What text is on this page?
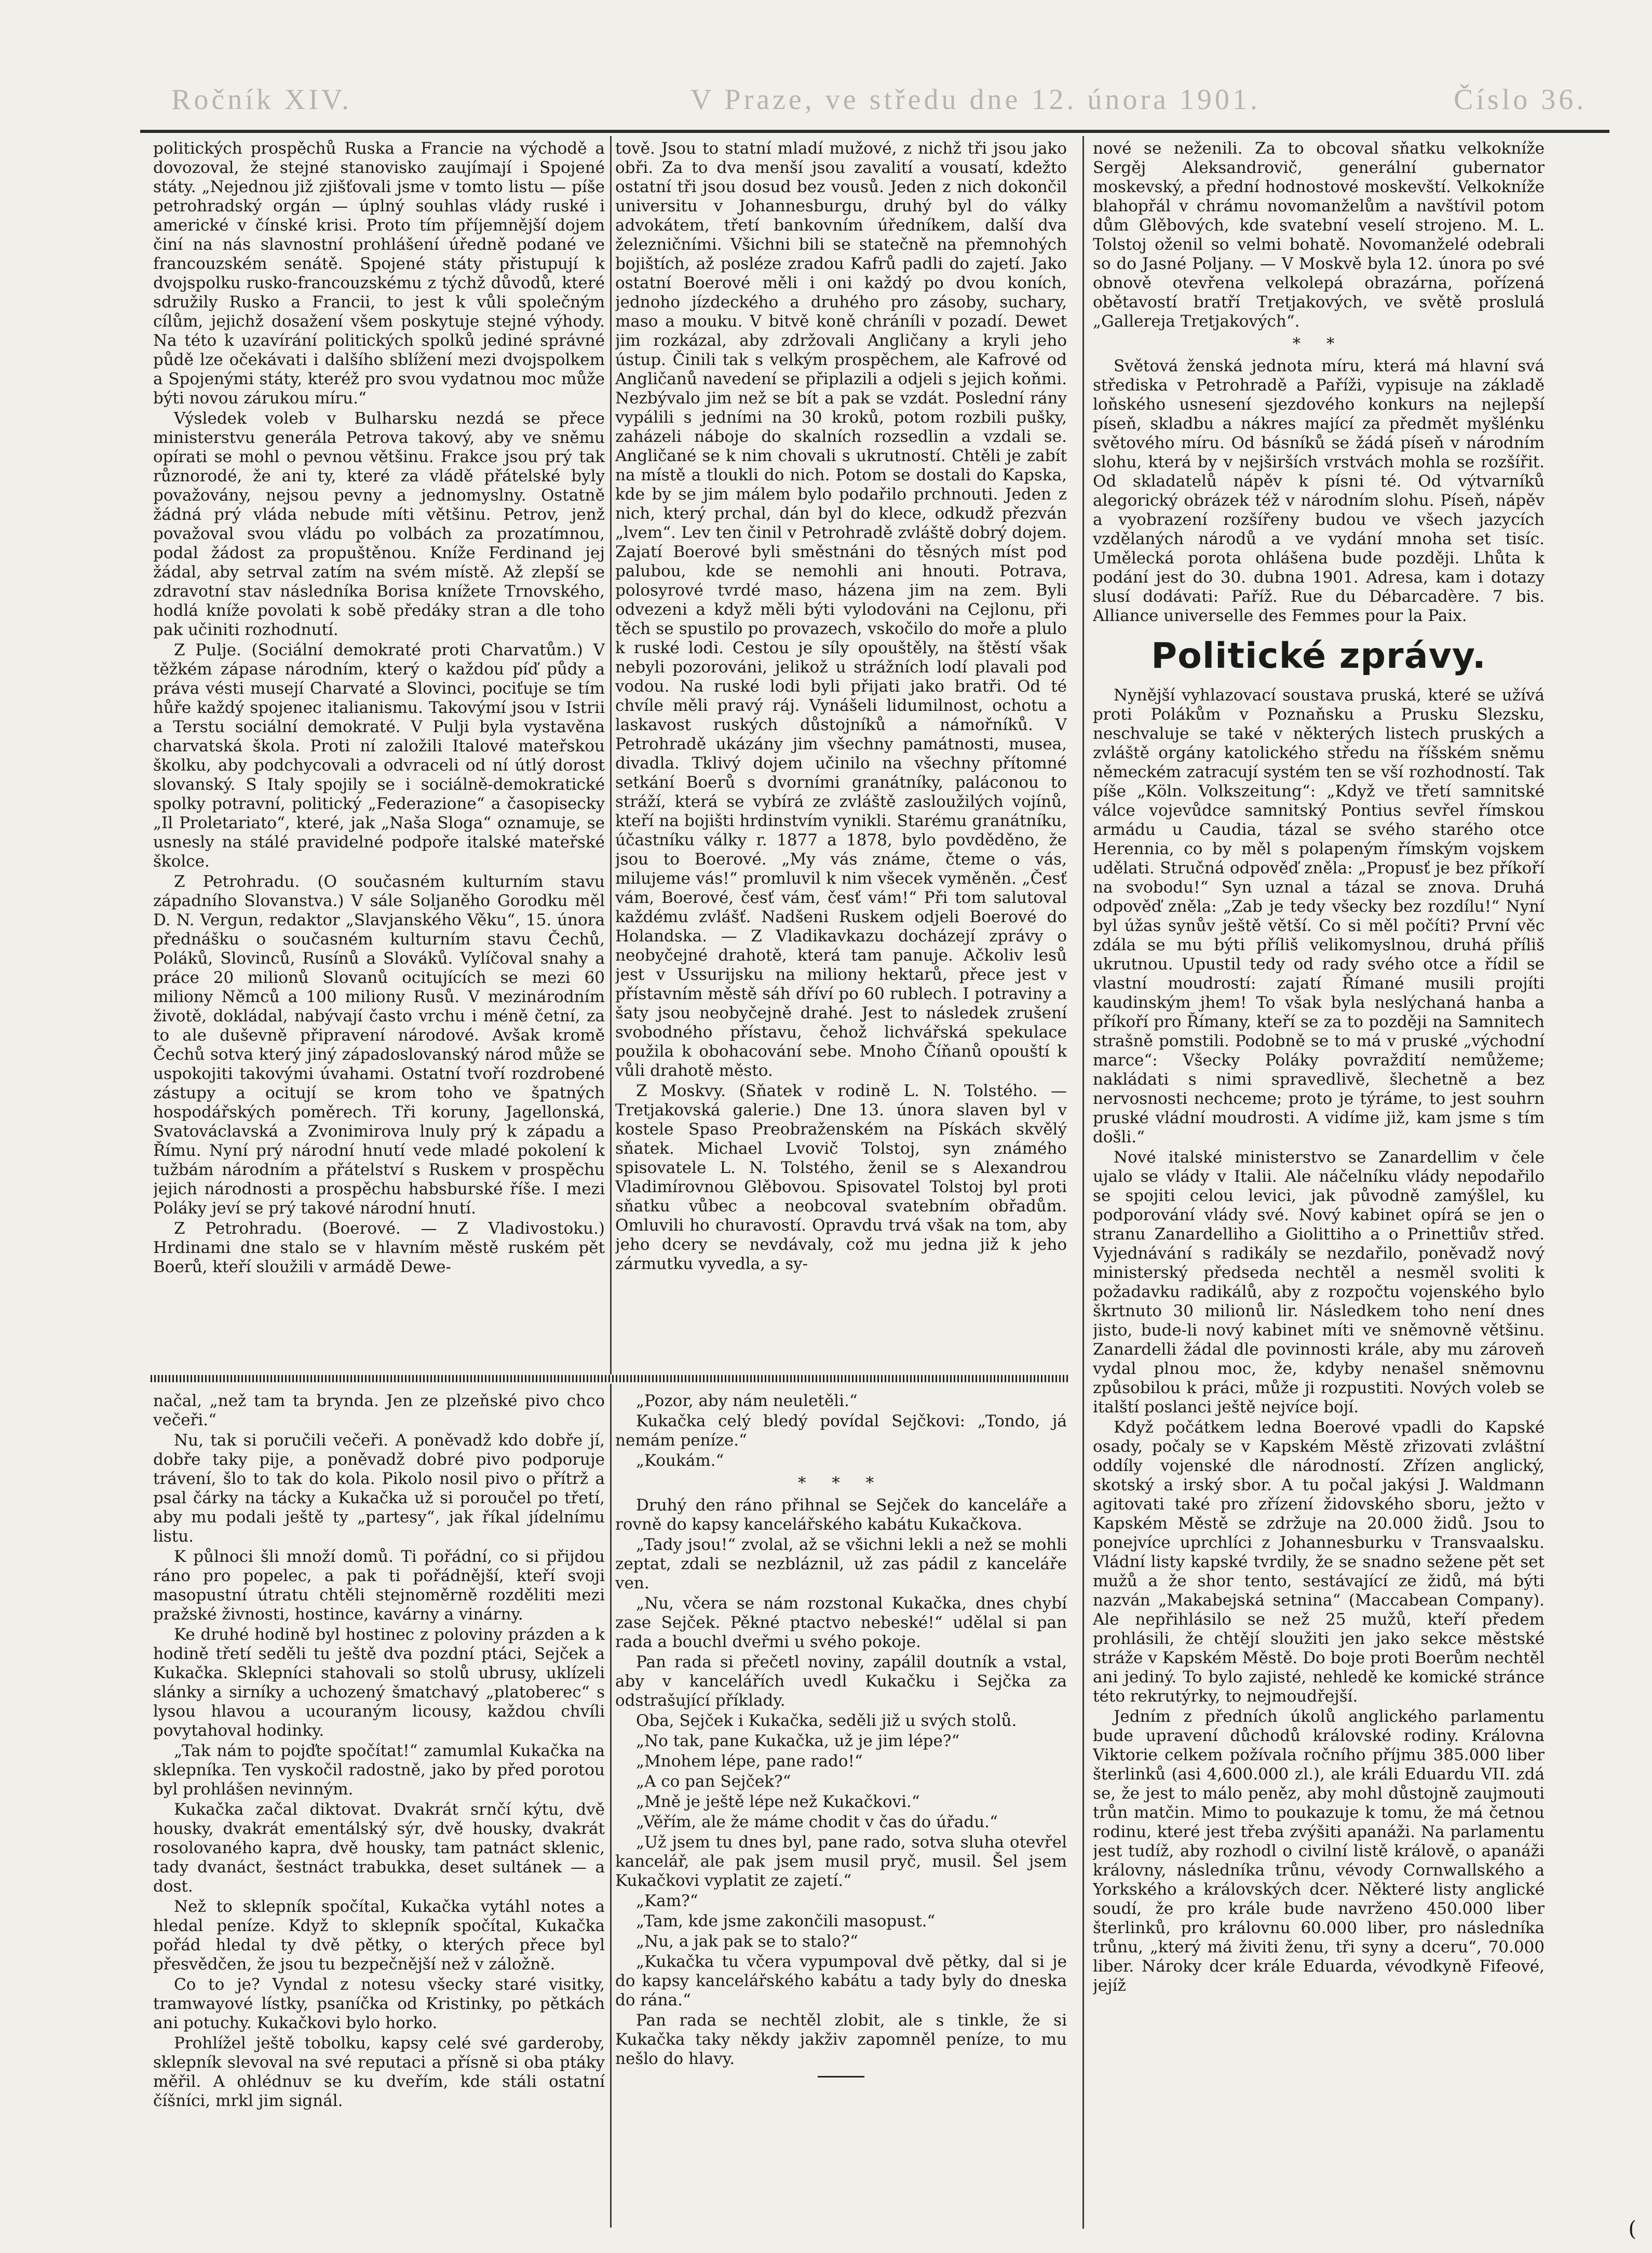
Ročník XIV.	V Praze, ve středu dne 12. února 1901.	Číslo 36.

politických prospěchů Ruska a Francie na východě a dovozoval, že stejné stanovisko zaujímají i Spojené státy. „Nejednou již zjišťovali jsme v tomto listu — píše petrohradský orgán — úplný souhlas vlády ruské i americké v čínské krisi. Proto tím příjemnější dojem činí na nás slavnostní prohlášení úředně podané ve francouzském senátě. Spojené státy přistupují k dvojspolku rusko-francouzskému z týchž důvodů, které sdružily Rusko a Francii, to jest k vůli společným cílům, jejichž dosažení všem poskytuje stejné výhody. Na této k uzavírání politických spolků jediné správné půdě lze očekávati i dalšího sblížení mezi dvojspolkem a Spojenými státy, kteréž pro svou vydatnou moc může býti novou zárukou míru.“

Výsledek voleb v Bulharsku nezdá se přece ministerstvu generála Petrova takový, aby ve sněmu opírati se mohl o pevnou většinu. Frakce jsou prý tak různorodé, že ani ty, které za vládě přátelské byly považovány, nejsou pevny a jednomyslny. Ostatně žádná prý vláda nebude míti většinu. Petrov, jenž považoval svou vládu po volbách za prozatímnou, podal žádost za propuštěnou. Kníže Ferdinand jej žádal, aby setrval zatím na svém místě. Až zlepší se zdravotní stav následníka Borisa knížete Trnovského, hodlá kníže povolati k sobě předáky stran a dle toho pak učiniti rozhodnutí.

Z Pulje. (Sociální demokraté proti Charvatům.) V těžkém zápase národním, který o každou píď půdy a práva vésti musejí Charvaté a Slovinci, pociťuje se tím hůře každý spojenec italianismu. Takovýmí jsou v Istrii a Terstu sociální demokraté. V Pulji byla vystavěna charvatská škola. Proti ní založili Italové mateřskou školku, aby podchycovali a odvraceli od ní útlý dorost slovanský. S Italy spojily se i sociálně-demokratické spolky potravní, politický „Federazione“ a časopisecky „Il Proletariato“, které, jak „Naša Sloga“ oznamuje, se usnesly na stálé pravidelné podpoře italské mateřské školce.

Z Petrohradu. (O současném kulturním stavu západního Slovanstva.) V sále Soljaněho Gorodku měl D. N. Vergun, redaktor „Slavjanského Věku“, 15. února přednášku o současném kulturním stavu Čechů, Poláků, Slovinců, Rusínů a Slováků. Vylíčoval snahy a práce 20 milionů Slovanů ocitujících se mezi 60 miliony Němců a 100 miliony Rusů. V mezinárodním životě, dokládal, nabývají často vrchu i méně četní, za to ale duševně připravení národové. Avšak kromě Čechů sotva který jiný západoslovanský národ může se uspokojiti takovými úvahami. Ostatní tvoří rozdrobené zástupy a ocitují se krom toho ve špatných hospodářských poměrech. Tři koruny, Jagellonská, Svatováclavská a Zvonimirova lnuly prý k západu a Římu. Nyní prý národní hnutí vede mladé pokolení k tužbám národním a přátelství s Ruskem v prospěchu jejich národnosti a prospěchu habsburské říše. I mezi Poláky jeví se prý takové národní hnutí.

Z Petrohradu. (Boerové. — Z Vladivostoku.) Hrdinami dne stalo se v hlavním městě ruském pět Boerů, kteří sloužili v armádě Dewe-

tově. Jsou to statní mladí mužové, z nichž tři jsou jako obři. Za to dva menší jsou zavalití a vousatí, kdežto ostatní tři jsou dosud bez vousů. Jeden z nich dokončil universitu v Johannesburgu, druhý byl do války advokátem, třetí bankovním úředníkem, další dva železničními. Všichni bili se statečně na přemnohých bojištích, až posléze zradou Kafrů padli do zajetí. Jako ostatní Boerové měli i oni každý po dvou koních, jednoho jízdeckého a druhého pro zásoby, suchary, maso a mouku. V bitvě koně chráníli v pozadí. Dewet jim rozkázal, aby zdržovali Angličany a kryli jeho ústup. Činili tak s velkým prospěchem, ale Kafrové od Angličanů navedení se připlazili a odjeli s jejich koňmi. Nezbývalo jim než se bít a pak se vzdát. Poslední rány vypálili s jedními na 30 kroků, potom rozbili pušky, zaházeli náboje do skalních rozsedlin a vzdali se. Angličané se k nim chovali s ukrutností. Chtěli je zabít na místě a tloukli do nich. Potom se dostali do Kapska, kde by se jim málem bylo podařilo prchnouti. Jeden z nich, který prchal, dán byl do klece, odkudž přezván „lvem“. Lev ten činil v Petrohradě zvláště dobrý dojem. Zajatí Boerové byli směstnáni do těsných míst pod palubou, kde se nemohli ani hnouti. Potrava, polosyrové tvrdé maso, házena jim na zem. Byli odvezeni a když měli býti vylodováni na Cejlonu, při těch se spustilo po provazech, vskočilo do moře a plulo k ruské lodi. Cestou je síly opouštěly, na štěstí však nebyli pozorováni, jelikož u strážních lodí plavali pod vodou. Na ruské lodi byli přijati jako bratři. Od té chvíle měli pravý ráj. Vynášeli lidumilnost, ochotu a laskavost ruských důstojníků a námořníků. V Petrohradě ukázány jim všechny památnosti, musea, divadla. Tklivý dojem učinilo na všechny přítomné setkání Boerů s dvorními granátníky, paláconou to stráží, která se vybírá ze zvláště zasloužilých vojínů, kteří na bojišti hrdinstvím vynikli. Starému granátníku, účastníku války r. 1877 a 1878, bylo povděděno, že jsou to Boerové. „My vás známe, čteme o vás, milujeme vás!“ promluvil k nim všecek vyměněn. „Česť vám, Boerové, česť vám, česť vám!“ Při tom salutoval každému zvlášť. Nadšeni Ruskem odjeli Boerové do Holandska. — Z Vladikavkazu docházejí zprávy o neobyčejné drahotě, která tam panuje. Ačkoliv lesů jest v Ussurijsku na miliony hektarů, přece jest v přístavním městě sáh dříví po 60 rublech. I potraviny a šaty jsou neobyčejně drahé. Jest to následek zrušení svobodného přístavu, čehož lichvářská spekulace použila k obohacování sebe. Mnoho Číňanů opouští k vůli drahotě město.

Z Moskvy. (Sňatek v rodině L. N. Tolstého. — Tretjakovská galerie.) Dne 13. února slaven byl v kostele Spaso Preobraženském na Pískách skvělý sňatek. Michael Lvovič Tolstoj, syn známého spisovatele L. N. Tolstého, ženil se s Alexandrou Vladimírovnou Glěbovou. Spisovatel Tolstoj byl proti sňatku vůbec a neobcoval svatebním obřadům. Omluvili ho churavostí. Opravdu trvá však na tom, aby jeho dcery se nevdávaly, což mu jedna již k jeho zármutku vyvedla, a sy-

nové se neženili. Za to obcoval sňatku velkokníže Sergěj Aleksandrovič, generální gubernator moskevský, a přední hodnostové moskevští. Velkokníže blahopřál v chrámu novomanželům a navštívil potom dům Glěbových, kde svatební veselí strojeno. M. L. Tolstoj oženil so velmi bohatě. Novomanželé odebrali so do Jasné Poljany. — V Moskvě byla 12. února po své obnově otevřena velkolepá obrazárna, pořízená obětavostí bratří Tretjakových, ve světě proslulá „Gallereja Tretjakových“.

* *

Světová ženská jednota míru, která má hlavní svá střediska v Petrohradě a Paříži, vypisuje na základě loňského usnesení sjezdového konkurs na nejlepší píseň, skladbu a nákres mající za předmět myšlénku světového míru. Od básníků se žádá píseň v národním slohu, která by v nejširších vrstvách mohla se rozšířit. Od skladatelů nápěv k písni té. Od výtvarníků alegorický obrázek též v národním slohu. Píseň, nápěv a vyobrazení rozšířeny budou ve všech jazycích vzdělaných národů a ve vydání mnoha set tisíc. Umělecká porota ohlášena bude později. Lhůta k podání jest do 30. dubna 1901. Adresa, kam i dotazy slusí dodávati: Paříž. Rue du Débarcadère. 7 bis. Alliance universelle des Femmes pour la Paix.

Politické zprávy.

Nynější vyhlazovací soustava pruská, které se užívá proti Polákům v Poznaňsku a Prusku Slezsku, neschvaluje se také v některých listech pruských a zvláště orgány katolického středu na říšském sněmu německém zatracují systém ten se vší rozhodností. Tak píše „Köln. Volkszeitung“: „Když ve třetí samnitské válce vojevůdce samnitský Pontius sevřel římskou armádu u Caudia, tázal se svého starého otce Herennia, co by měl s polapeným římským vojskem udělati. Stručná odpověď zněla: „Propusť je bez příkoří na svobodu!“ Syn uznal a tázal se znova. Druhá odpověď zněla: „Zab je tedy všecky bez rozdílu!“ Nyní byl úžas synův ještě větší. Co si měl počíti? První věc zdála se mu býti příliš velikomyslnou, druhá příliš ukrutnou. Upustil tedy od rady svého otce a řídil se vlastní moudrostí: zajatí Římané musili projíti kaudinským jhem! To však byla neslýchaná hanba a příkoří pro Římany, kteří se za to později na Samnitech strašně pomstili. Podobně se to má v pruské „východní marce“: Všecky Poláky povraždití nemůžeme; nakládati s nimi spravedlivě, šlechetně a bez nervosnosti nechceme; proto je týráme, to jest souhrn pruské vládní moudrosti. A vidíme již, kam jsme s tím došli.“

Nové italské ministerstvo se Zanardellim v čele ujalo se vlády v Italii. Ale náčelníku vlády nepodařilo se spojiti celou levici, jak původně zamýšlel, ku podporování vlády své. Nový kabinet opírá se jen o stranu Zanardelliho a Giolittiho a o Prinettiův střed. Vyjednávání s radikály se nezdařilo, poněvadž nový ministerský předseda nechtěl a nesměl svoliti k požadavku radikálů, aby z rozpočtu vojenského bylo škrtnuto 30 milionů lir. Následkem toho není dnes jisto, bude-li nový kabinet míti ve sněmovně většinu. Zanardelli žádal dle povinnosti krále, aby mu zároveň vydal plnou moc, že, kdyby nenašel sněmovnu způsobilou k práci, může ji rozpustiti. Nových voleb se italští poslanci ještě nejvíce bojí.

Když počátkem ledna Boerové vpadli do Kapské osady, počaly se v Kapském Městě zřizovati zvláštní oddíly vojenské dle národností. Zřízen anglický, skotský a irský sbor. A tu počal jakýsi J. Waldmann agitovati také pro zřízení židovského sboru, ježto v Kapském Městě se zdržuje na 20.000 židů. Jsou to ponejvíce uprchlíci z Johannesburku v Transvaalsku. Vládní listy kapské tvrdily, že se snadno sežene pět set mužů a že shor tento, sestávající ze židů, má býti nazván „Makabejská setnina“ (Maccabean Company). Ale nepřihlásilo se než 25 mužů, kteří předem prohlásili, že chtějí sloužiti jen jako sekce městské stráže v Kapském Městě. Do boje proti Boerům nechtěl ani jediný. To bylo zajisté, nehledě ke komické stránce této rekrutýrky, to nejmoudřejší.

Jedním z předních úkolů anglického parlamentu bude upravení důchodů královské rodiny. Královna Viktorie celkem požívala ročního příjmu 385.000 liber šterlinků (asi 4,600.000 zl.), ale králi Eduardu VII. zdá se, že jest to málo peněz, aby mohl důstojně zaujmouti trůn matčin. Mimo to poukazuje k tomu, že má četnou rodinu, které jest třeba zvýšiti apanáži. Na parlamentu jest tudíž, aby rozhodl o civilní listě králově, o apanáži královny, následníka trůnu, vévody Cornwallského a Yorkského a královských dcer. Některé listy anglické soudí, že pro krále bude navrženo 450.000 liber šterlinků, pro královnu 60.000 liber, pro následníka trůnu, „který má živiti ženu, tři syny a dceru“, 70.000 liber. Nároky dcer krále Eduarda, vévodkyně Fifeové, jejíž

načal, „než tam ta brynda. Jen ze plzeňské pivo chco večeři.“

Nu, tak si poručili večeři. A poněvadž kdo dobře jí, dobře taky pije, a poněvadž dobré pivo podporuje trávení, šlo to tak do kola. Pikolo nosil pivo o přítrž a psal čárky na tácky a Kukačka už si poroučel po třetí, aby mu podali ještě ty „partesy“, jak říkal jídelnímu listu.

K půlnoci šli množí domů. Ti pořádní, co si přijdou ráno pro popelec, a pak ti pořádnější, kteří svoji masopustní útratu chtěli stejnoměrně rozděliti mezi pražské živnosti, hostince, kavárny a vinárny.

Ke druhé hodině byl hostinec z poloviny prázden a k hodině třetí seděli tu ještě dva pozdní ptáci, Sejček a Kukačka. Sklepníci stahovali so stolů ubrusy, uklízeli slánky a sirníky a uchozený šmatchavý „platoberec“ s lysou hlavou a ucouraným licousy, každou chvíli povytahoval hodinky.

„Tak nám to pojďte spočítat!“ zamumlal Kukačka na sklepníka. Ten vyskočil radostně, jako by před porotou byl prohlášen nevinným.

Kukačka začal diktovat. Dvakrát srnčí kýtu, dvě housky, dvakrát ementálský sýr, dvě housky, dvakrát rosolovaného kapra, dvě housky, tam patnáct sklenic, tady dvanáct, šestnáct trabukka, deset sultánek — a dost.

Než to sklepník spočítal, Kukačka vytáhl notes a hledal peníze. Když to sklepník spočítal, Kukačka pořád hledal ty dvě pětky, o kterých přece byl přesvědčen, že jsou tu bezpečnější než v záložně.

Co to je? Vyndal z notesu všecky staré visitky, tramwayové lístky, psaníčka od Kristinky, po pětkách ani potuchy. Kukačkovi bylo horko.

Prohlížel ještě tobolku, kapsy celé své garderoby, sklepník slevoval na své reputaci a přísně si oba ptáky měřil. A ohlédnuv se ku dveřím, kde stáli ostatní číšníci, mrkl jim signál.

„Pozor, aby nám neuletěli.“

Kukačka celý bledý povídal Sejčkovi: „Tondo, já nemám peníze.“

„Koukám.“

* * *

Druhý den ráno přihnal se Sejček do kanceláře a rovně do kapsy kancelářského kabátu Kukačkova.

„Tady jsou!“ zvolal, až se všichni lekli a než se mohli zeptat, zdali se nezbláznil, už zas pádil z kanceláře ven.

„Nu, včera se nám rozstonal Kukačka, dnes chybí zase Sejček. Pěkné ptactvo nebeské!“ udělal si pan rada a bouchl dveřmi u svého pokoje.

Pan rada si přečetl noviny, zapálil doutník a vstal, aby v kancelářích uvedl Kukačku i Sejčka za odstrašující příklady.

Oba, Sejček i Kukačka, seděli již u svých stolů.

„No tak, pane Kukačka, už je jim lépe?“

„Mnohem lépe, pane rado!“

„A co pan Sejček?“

„Mně je ještě lépe než Kukačkovi.“

„Věřím, ale že máme chodit v čas do úřadu.“

„Už jsem tu dnes byl, pane rado, sotva sluha otevřel kancelář, ale pak jsem musil pryč, musil. Šel jsem Kukačkovi vyplatit ze zajetí.“

„Kam?“

„Tam, kde jsme zakončili masopust.“

„Nu, a jak pak se to stalo?“

„Kukačka tu včera vypumpoval dvě pětky, dal si je do kapsy kancelářského kabátu a tady byly do dneska do rána.“

Pan rada se nechtěl zlobit, ale s tinkle, že si Kukačka taky někdy jakživ zapomněl peníze, to mu nešlo do hlavy.

(
